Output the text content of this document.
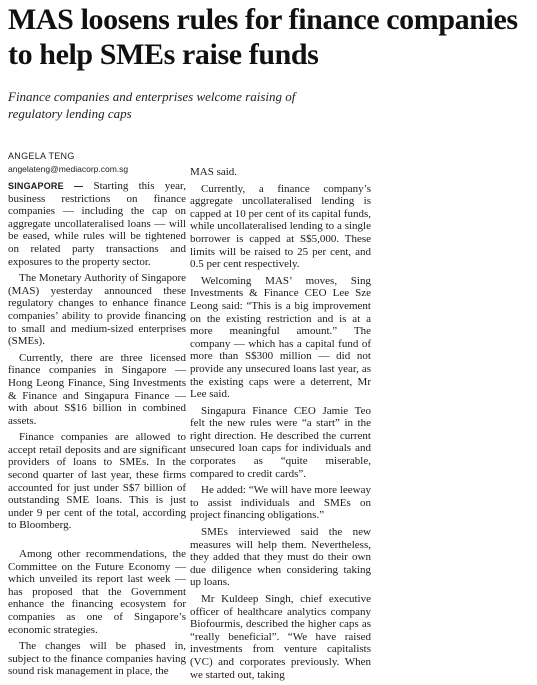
MAS loosens rules for finance companies to help SMEs raise funds

Finance companies and enterprises welcome raising of regulatory lending caps

ANGELA TENG

angelateng@mediacorp.com.sg

SINGAPORE — Starting this year, business restrictions on finance companies — including the cap on aggregate uncollateralised loans — will be eased, while rules will be tightened on related party transactions and exposures to the property sector.

The Monetary Authority of Singapore (MAS) yesterday announced these regulatory changes to enhance finance companies’ ability to provide financing to small and medium-sized enterprises (SMEs).

Currently, there are three licensed finance companies in Singapore — Hong Leong Finance, Sing Investments & Finance and Singapura Finance — with about S$16 billion in combined assets.

Finance companies are allowed to accept retail deposits and are significant providers of loans to SMEs. In the second quarter of last year, these firms accounted for just under S$7 billion of outstanding SME loans. This is just under 9 per cent of the total, according to Bloomberg.

Among other recommendations, the Committee on the Future Economy — which unveiled its report last week — has proposed that the Government enhance the financing ecosystem for companies as one of Singapore’s economic strategies.

The changes will be phased in, subject to the finance companies having sound risk management in place, the

MAS said.

Currently, a finance company’s aggregate uncollateralised lending is capped at 10 per cent of its capital funds, while uncollateralised lending to a single borrower is capped at S$5,000. These limits will be raised to 25 per cent, and 0.5 per cent respectively.

Welcoming MAS’ moves, Sing Investments & Finance CEO Lee Sze Leong said: “This is a big improvement on the existing restriction and is at a more meaningful amount.” The company — which has a capital fund of more than S$300 million — did not provide any unsecured loans last year, as the existing caps were a deterrent, Mr Lee said.

Singapura Finance CEO Jamie Teo felt the new rules were “a start” in the right direction. He described the current unsecured loan caps for individuals and corporates as “quite miserable, compared to credit cards”.

He added: “We will have more leeway to assist individuals and SMEs on project financing obligations.”

SMEs interviewed said the new measures will help them. Nevertheless, they added that they must do their own due diligence when considering taking up loans.

Mr Kuldeep Singh, chief executive officer of healthcare analytics company Biofourmis, described the higher caps as “really beneficial”. “We have raised investments from venture capitalists (VC) and corporates previously. When we started out, taking
